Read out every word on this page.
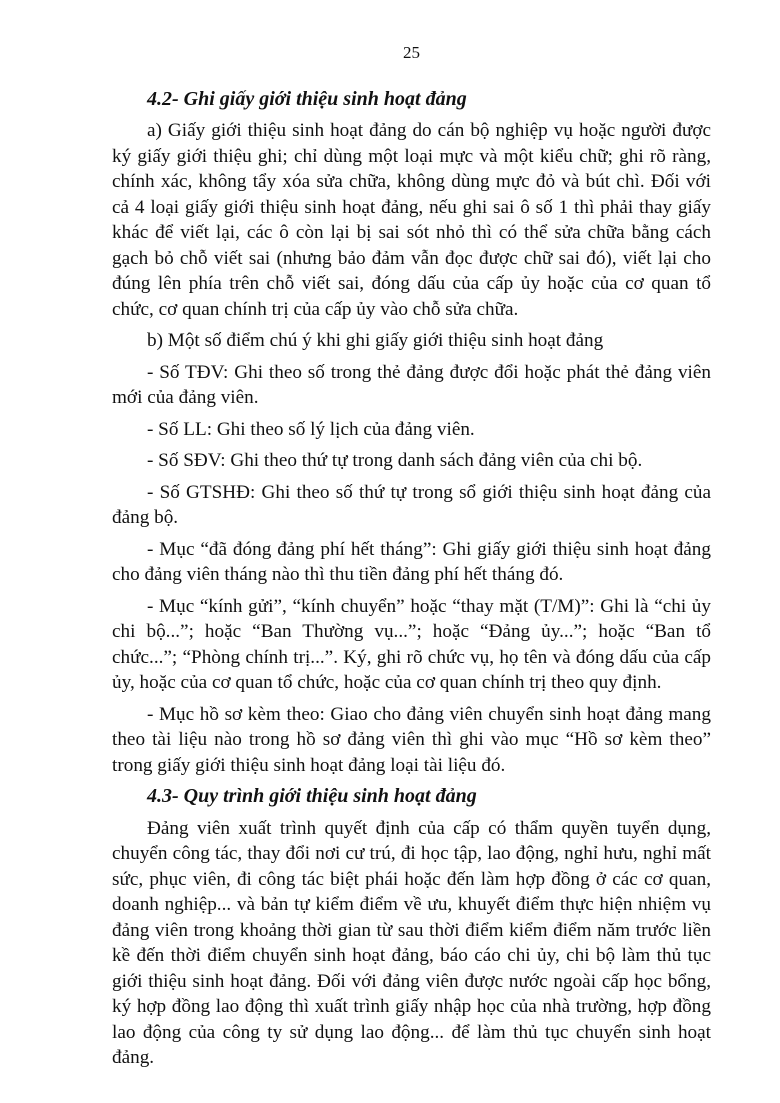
25
4.2- Ghi giấy giới thiệu sinh hoạt đảng

a) Giấy giới thiệu sinh hoạt đảng do cán bộ nghiệp vụ hoặc người được ký giấy giới thiệu ghi; chỉ dùng một loại mực và một kiểu chữ; ghi rõ ràng, chính xác, không tẩy xóa sửa chữa, không dùng mực đỏ và bút chì. Đối với cả 4 loại giấy giới thiệu sinh hoạt đảng, nếu ghi sai ô số 1 thì phải thay giấy khác để viết lại, các ô còn lại bị sai sót nhỏ thì có thể sửa chữa bằng cách gạch bỏ chỗ viết sai (nhưng bảo đảm vẫn đọc được chữ sai đó), viết lại cho đúng lên phía trên chỗ viết sai, đóng dấu của cấp ủy hoặc của cơ quan tổ chức, cơ quan chính trị của cấp ủy vào chỗ sửa chữa.

b) Một số điểm chú ý khi ghi giấy giới thiệu sinh hoạt đảng

- Số TĐV: Ghi theo số trong thẻ đảng được đổi hoặc phát thẻ đảng viên mới của đảng viên.

- Số LL: Ghi theo số lý lịch của đảng viên.

- Số SĐV: Ghi theo thứ tự trong danh sách đảng viên của chi bộ.

- Số GTSHĐ: Ghi theo số thứ tự trong sổ giới thiệu sinh hoạt đảng của đảng bộ.

- Mục “đã đóng đảng phí hết tháng”: Ghi giấy giới thiệu sinh hoạt đảng cho đảng viên tháng nào thì thu tiền đảng phí hết tháng đó.

- Mục “kính gửi”, “kính chuyển” hoặc “thay mặt (T/M)”: Ghi là “chi ủy chi bộ...”; hoặc “Ban Thường vụ...”; hoặc “Đảng ủy...”; hoặc “Ban tổ chức...”; “Phòng chính trị...”. Ký, ghi rõ chức vụ, họ tên và đóng dấu của cấp ủy, hoặc của cơ quan tổ chức, hoặc của cơ quan chính trị theo quy định.

- Mục hồ sơ kèm theo: Giao cho đảng viên chuyển sinh hoạt đảng mang theo tài liệu nào trong hồ sơ đảng viên thì ghi vào mục “Hồ sơ kèm theo” trong giấy giới thiệu sinh hoạt đảng loại tài liệu đó.

4.3- Quy trình giới thiệu sinh hoạt đảng

Đảng viên xuất trình quyết định của cấp có thẩm quyền tuyển dụng, chuyển công tác, thay đổi nơi cư trú, đi học tập, lao động, nghỉ hưu, nghỉ mất sức, phục viên, đi công tác biệt phái hoặc đến làm hợp đồng ở các cơ quan, doanh nghiệp... và bản tự kiểm điểm về ưu, khuyết điểm thực hiện nhiệm vụ đảng viên trong khoảng thời gian từ sau thời điểm kiểm điểm năm trước liền kề đến thời điểm chuyển sinh hoạt đảng, báo cáo chi ủy, chi bộ làm thủ tục giới thiệu sinh hoạt đảng. Đối với đảng viên được nước ngoài cấp học bổng, ký hợp đồng lao động thì xuất trình giấy nhập học của nhà trường, hợp đồng lao động của công ty sử dụng lao động... để làm thủ tục chuyển sinh hoạt đảng.
